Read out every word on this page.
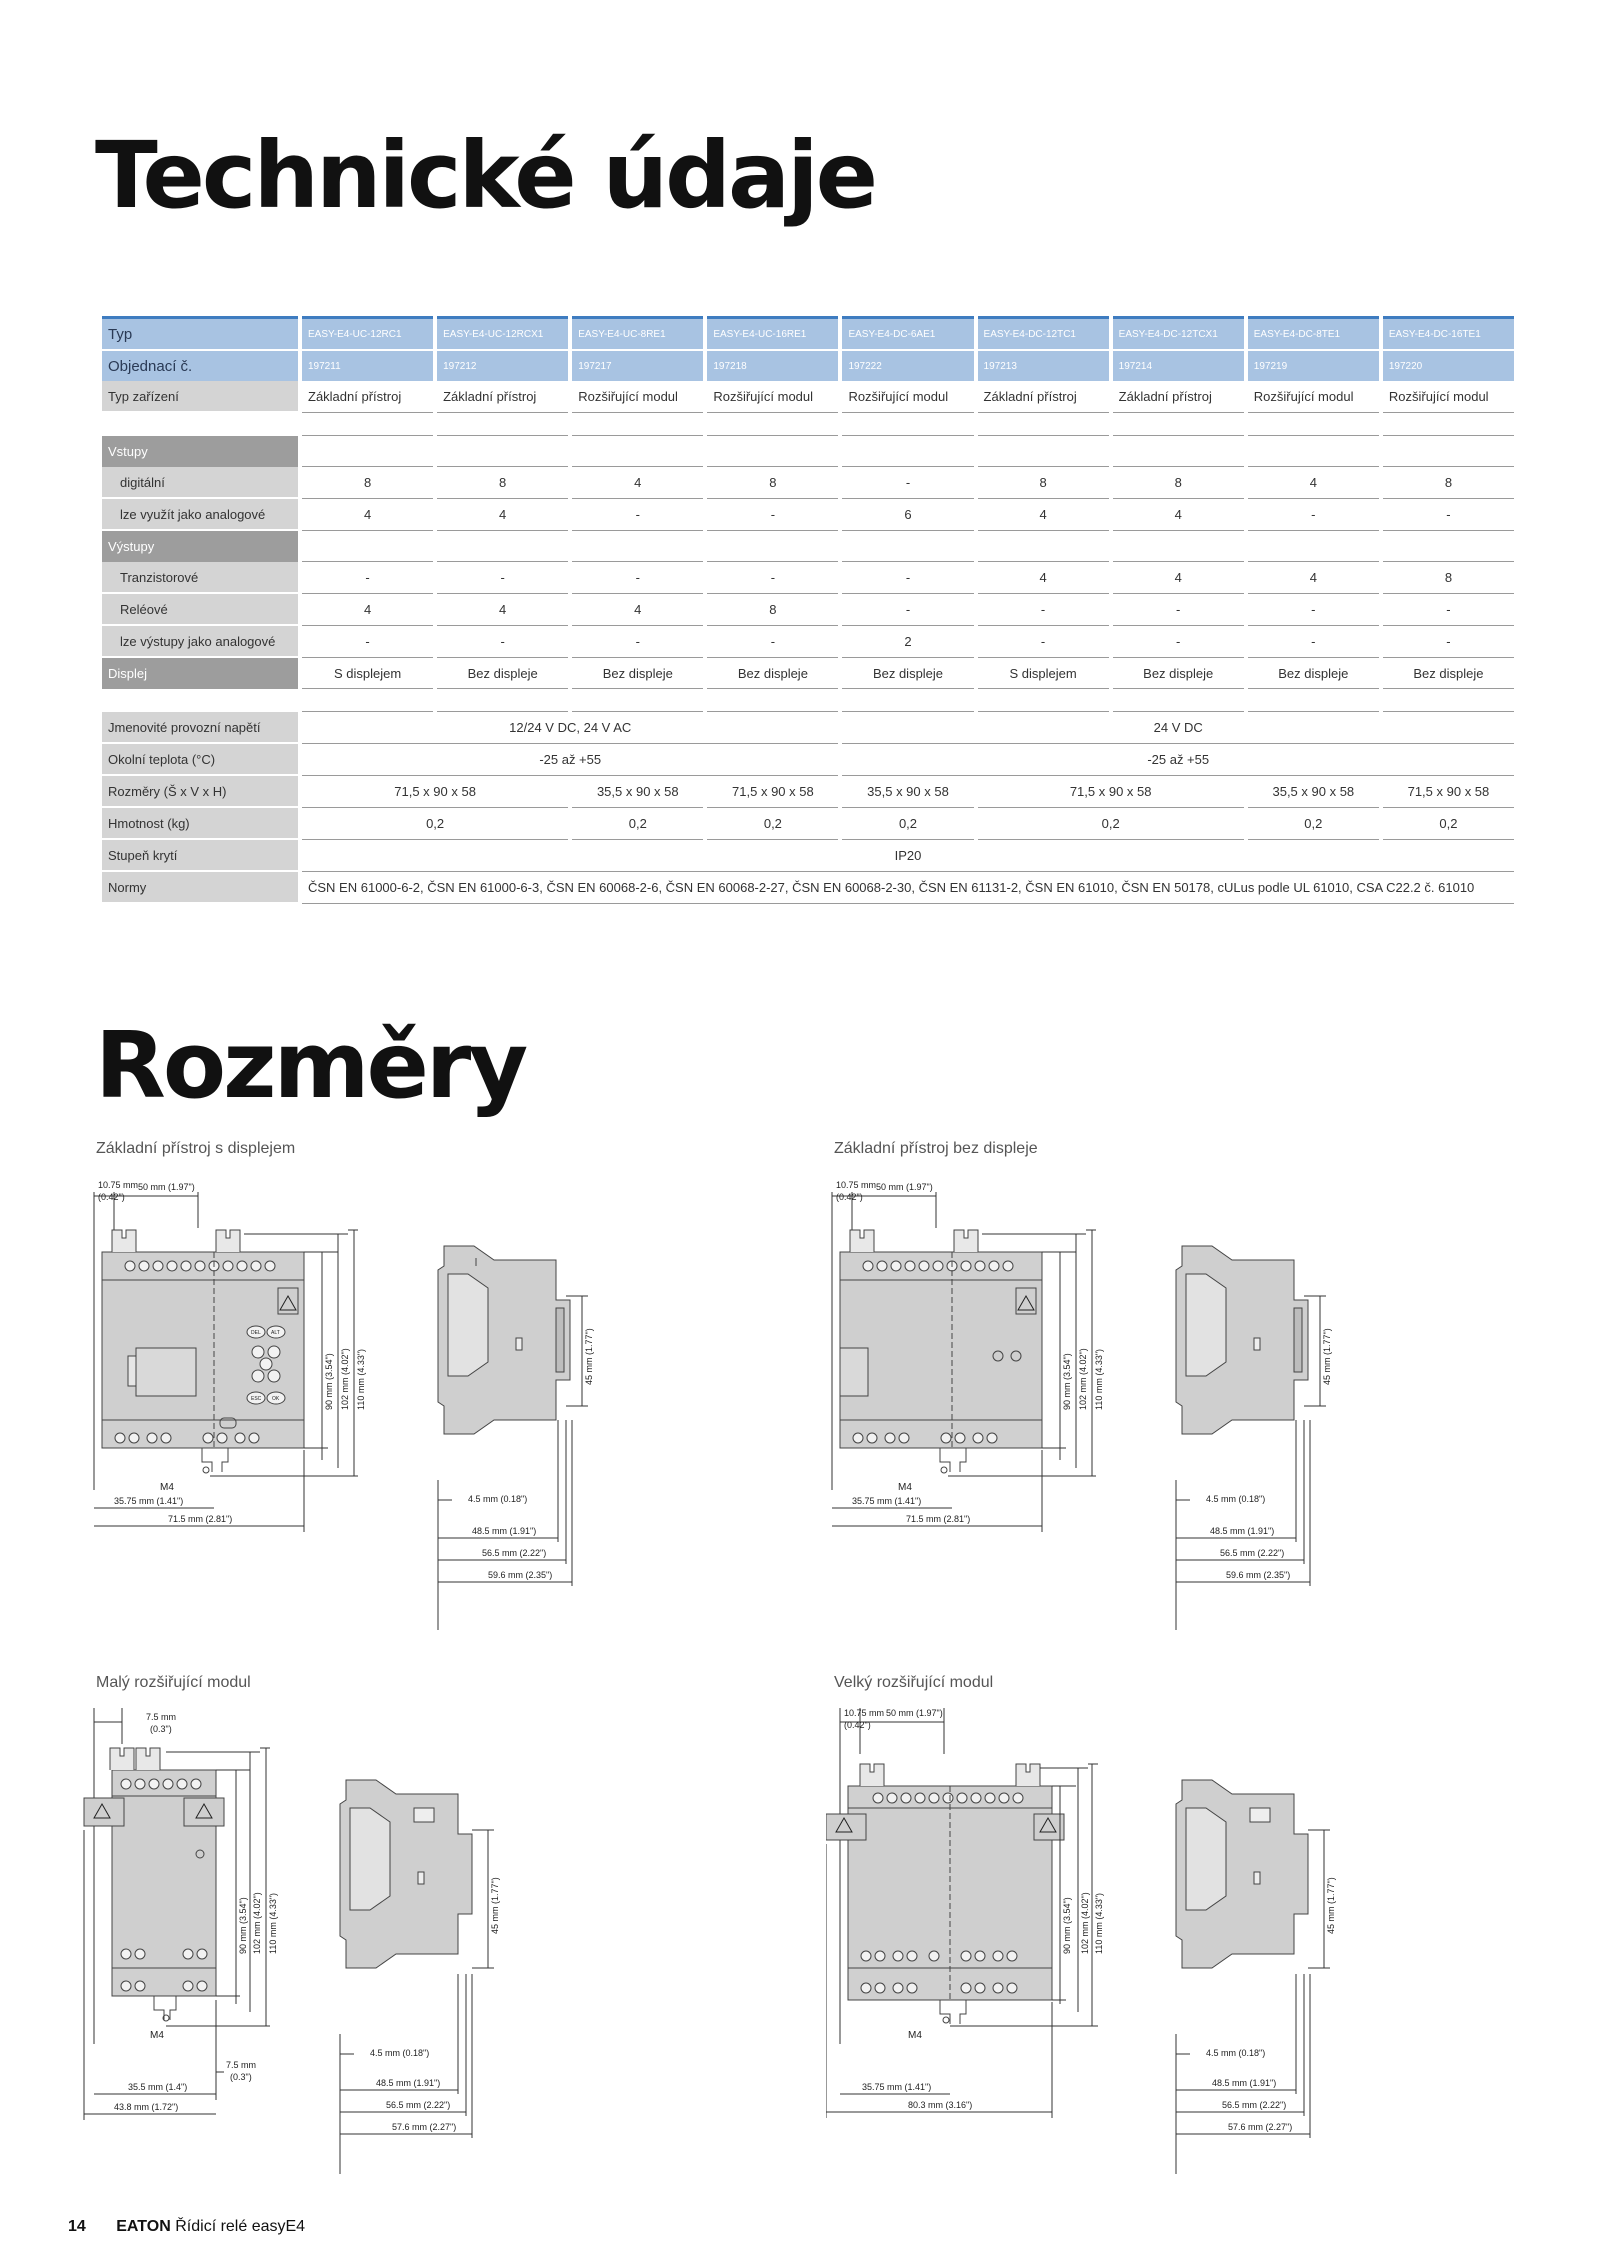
Technické údaje
Typ	EASY-E4-UC-12RC1	EASY-E4-UC-12RCX1	EASY-E4-UC-8RE1	EASY-E4-UC-16RE1	EASY-E4-DC-6AE1	EASY-E4-DC-12TC1	EASY-E4-DC-12TCX1	EASY-E4-DC-8TE1	EASY-E4-DC-16TE1
Objednací č.	197211	197212	197217	197218	197222	197213	197214	197219	197220
Typ zařízení	Základní přístroj	Základní přístroj	Rozšiřující modul	Rozšiřující modul	Rozšiřující modul	Základní přístroj	Základní přístroj	Rozšiřující modul	Rozšiřující modul

Vstupy									
digitální	8	8	4	8	-	8	8	4	8
lze využít jako analogové	4	4	-	-	6	4	4	-	-
Výstupy									
Tranzistorové	-	-	-	-	-	4	4	4	8
Reléové	4	4	4	8	-	-	-	-	-
lze výstupy jako analogové	-	-	-	-	2	-	-	-	-
Displej	S displejem	Bez displeje	Bez displeje	Bez displeje	Bez displeje	S displejem	Bez displeje	Bez displeje	Bez displeje

Jmenovité provozní napětí	12/24 V DC, 24 V AC				24 V DC				
Okolní teplota (°C)	-25 až +55				-25 až +55				
Rozměry (Š x V x H)	71,5 x 90 x 58		35,5 x 90 x 58	71,5 x 90 x 58	35,5 x 90 x 58	71,5 x 90 x 58		35,5 x 90 x 58	71,5 x 90 x 58
Hmotnost (kg)	0,2		0,2	0,2	0,2	0,2		0,2	0,2
Stupeň krytí	IP20								
Normy	ČSN EN 61000-6-2, ČSN EN 61000-6-3, ČSN EN 60068-2-6, ČSN EN 60068-2-27, ČSN EN 60068-2-30, ČSN EN 61131-2, ČSN EN 61010, ČSN EN 50178, cULus podle UL 61010, CSA C22.2 č. 61010								
Rozměry
Základní přístroj s displejem	Základní přístroj bez displeje
Malý rozšiřující modul	Velký rozšiřující modul
10.75 mm
(0.42")
50 mm (1.97")
DEL ALT
ESC OK	90 mm (3.54") 102 mm (4.02") 110 mm (4.33")
M4
35.75 mm (1.41")
71.5 mm (2.81")
45 mm (1.77")
4.5 mm (0.18")
48.5 mm (1.91")
56.5 mm (2.22")
59.6 mm (2.35")
10.75 mm
(0.42")
50 mm (1.97")
90 mm (3.54") 102 mm (4.02") 110 mm (4.33")
M4
35.75 mm (1.41")
71.5 mm (2.81")
45 mm (1.77")
4.5 mm (0.18")
48.5 mm (1.91")
56.5 mm (2.22")
59.6 mm (2.35")
7.5 mm
(0.3")
90 mm (3.54") 102 mm (4.02") 110 mm (4.33")
M4
7.5 mm
(0.3")
35.5 mm (1.4")
43.8 mm (1.72")
45 mm (1.77")
4.5 mm (0.18")
48.5 mm (1.91")
56.5 mm (2.22")
57.6 mm (2.27")
10.75 mm
(0.42")
50 mm (1.97")
90 mm (3.54") 102 mm (4.02") 110 mm (4.33")
M4
35.75 mm (1.41")
80.3 mm (3.16")
45 mm (1.77")
4.5 mm (0.18")
48.5 mm (1.91")
56.5 mm (2.22")
57.6 mm (2.27")
14 EATON Řídicí relé easyE4
